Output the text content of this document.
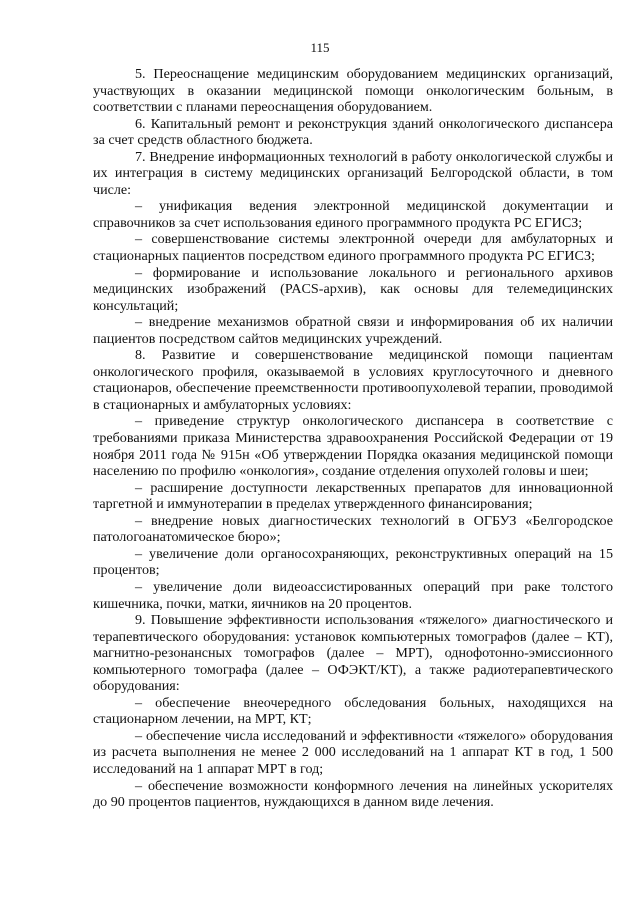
115

5. Переоснащение медицинским оборудованием медицинских организаций, участвующих в оказании медицинской помощи онкологическим больным, в соответствии с планами переоснащения оборудованием.

6. Капитальный ремонт и реконструкция зданий онкологического диспансера за счет средств областного бюджета.

7. Внедрение информационных технологий в работу онкологической службы и их интеграция в систему медицинских организаций Белгородской области, в том числе:

– унификация ведения электронной медицинской документации и справочников за счет использования единого программного продукта РС ЕГИСЗ;

– совершенствование системы электронной очереди для амбулаторных и стационарных пациентов посредством единого программного продукта РС ЕГИСЗ;

– формирование и использование локального и регионального архивов медицинских изображений (PACS-архив), как основы для телемедицинских консультаций;

– внедрение механизмов обратной связи и информирования об их наличии пациентов посредством сайтов медицинских учреждений.

8. Развитие и совершенствование медицинской помощи пациентам онкологического профиля, оказываемой в условиях круглосуточного и дневного стационаров, обеспечение преемственности противоопухолевой терапии, проводимой в стационарных и амбулаторных условиях:

– приведение структур онкологического диспансера в соответствие с требованиями приказа Министерства здравоохранения Российской Федерации от 19 ноября 2011 года № 915н «Об утверждении Порядка оказания медицинской помощи населению по профилю «онкология», создание отделения опухолей головы и шеи;

– расширение доступности лекарственных препаратов для инновационной таргетной и иммунотерапии в пределах утвержденного финансирования;

– внедрение новых диагностических технологий в ОГБУЗ «Белгородское патологоанатомическое бюро»;

– увеличение доли органосохраняющих, реконструктивных операций на 15 процентов;

– увеличение доли видеоассистированных операций при раке толстого кишечника, почки, матки, яичников на 20 процентов.

9. Повышение эффективности использования «тяжелого» диагностического и терапевтического оборудования: установок компьютерных томографов (далее – КТ), магнитно-резонансных томографов (далее – МРТ), однофотонно-эмиссионного компьютерного томографа (далее – ОФЭКТ/КТ), а также радиотерапевтического оборудования:

– обеспечение внеочередного обследования больных, находящихся на стационарном лечении, на МРТ, КТ;

– обеспечение числа исследований и эффективности «тяжелого» оборудования из расчета выполнения не менее 2 000 исследований на 1 аппарат КТ в год, 1 500 исследований на 1 аппарат МРТ в год;

– обеспечение возможности конформного лечения на линейных ускорителях до 90 процентов пациентов, нуждающихся в данном виде лечения.
